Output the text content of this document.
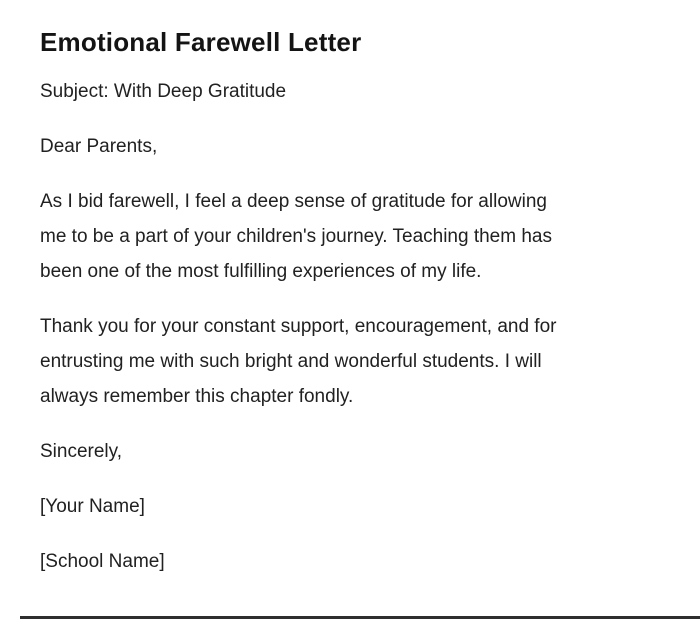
Emotional Farewell Letter
Subject: With Deep Gratitude
Dear Parents,
As I bid farewell, I feel a deep sense of gratitude for allowing
me to be a part of your children's journey. Teaching them has
been one of the most fulfilling experiences of my life.
Thank you for your constant support, encouragement, and for
entrusting me with such bright and wonderful students. I will
always remember this chapter fondly.
Sincerely,
[Your Name]
[School Name]
